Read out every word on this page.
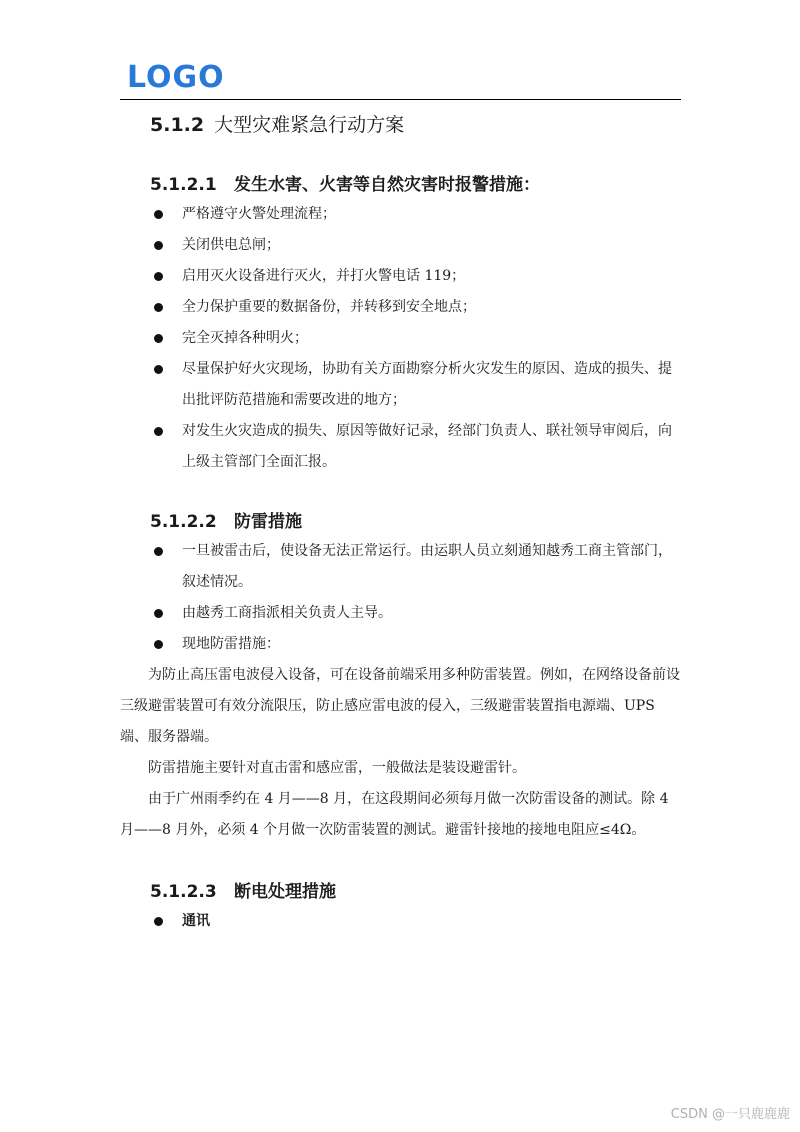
LOGO
5.1.2 大型灾难紧急行动方案
5.1.2.1 发生水害、火害等自然灾害时报警措施：
严格遵守火警处理流程；
关闭供电总闸；
启用灭火设备进行灭火，并打火警电话 119；
全力保护重要的数据备份，并转移到安全地点；
完全灭掉各种明火；
尽量保护好火灾现场，协助有关方面勘察分析火灾发生的原因、造成的损失、提出批评防范措施和需要改进的地方；
对发生火灾造成的损失、原因等做好记录，经部门负责人、联社领导审阅后，向上级主管部门全面汇报。
5.1.2.2 防雷措施
一旦被雷击后，使设备无法正常运行。由运职人员立刻通知越秀工商主管部门，叙述情况。
由越秀工商指派相关负责人主导。
现地防雷措施：

为防止高压雷电波侵入设备，可在设备前端采用多种防雷装置。例如，在网络设备前设三级避雷装置可有效分流限压，防止感应雷电波的侵入，三级避雷装置指电源端、UPS 端、服务器端。

防雷措施主要针对直击雷和感应雷，一般做法是装设避雷针。

由于广州雨季约在 4 月——8 月，在这段期间必须每月做一次防雷设备的测试。除 4 月——8 月外，必须 4 个月做一次防雷装置的测试。避雷针接地的接地电阻应≤4Ω。

5.1.2.3 断电处理措施
通讯
CSDN @一只鹿鹿鹿
